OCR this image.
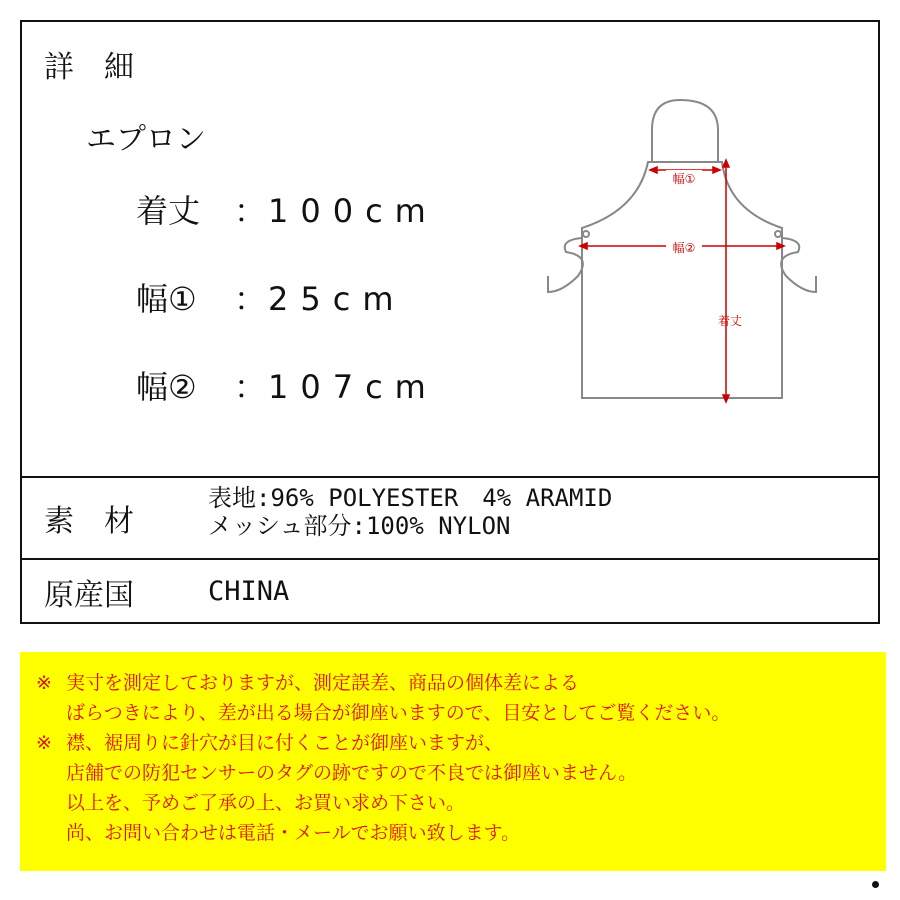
詳　細
エプロン
着丈 ：100cm
幅① ：25cm
幅② ：107cm
素　材
表地:96% POLYESTER　4% ARAMID
メッシュ部分:100% NYLON
原産国	CHINA
幅①
幅②
着丈
※ 実寸を測定しておりますが、測定誤差、商品の個体差による
ばらつきにより、差が出る場合が御座いますので、目安としてご覧ください。
※ 襟、裾周りに針穴が目に付くことが御座いますが、
店舗での防犯センサーのタグの跡ですので不良では御座いません。
以上を、予めご了承の上、お買い求め下さい。
尚、お問い合わせは電話・メールでお願い致します。
